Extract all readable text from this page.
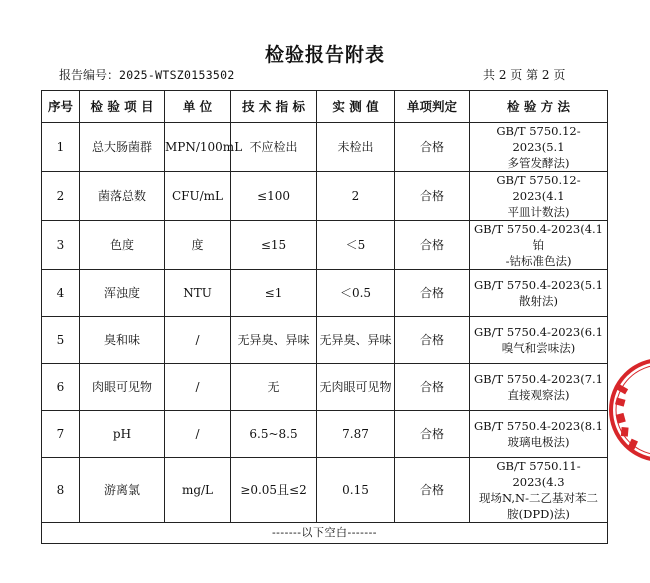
检验报告附表
报告编号：2025-WTSZ0153502	共 2 页 第 2 页
序号	检 验 项 目	单 位	技 术 指 标	实 测 值	单项判定	检 验 方 法
1	总大肠菌群	MPN/100mL	不应检出	未检出	合格	GB/T 5750.12-2023(5.1
多管发酵法)

2	菌落总数	CFU/mL	≤100	2	合格	GB/T 5750.12-2023(4.1
平皿计数法)

3	色度	度	≤15	＜5	合格	GB/T 5750.4-2023(4.1铂
-钴标准色法)

4	浑浊度	NTU	≤1	＜0.5	合格	GB/T 5750.4-2023(5.1
散射法)

5	臭和味	/	无异臭、异味	无异臭、异味	合格	GB/T 5750.4-2023(6.1
嗅气和尝味法)

6	肉眼可见物	/	无	无肉眼可见物	合格	GB/T 5750.4-2023(7.1
直接观察法)

7	pH	/	6.5~8.5	7.87	合格	GB/T 5750.4-2023(8.1
玻璃电极法)

8	游离氯	mg/L	≥0.05且≤2	0.15	合格	GB/T 5750.11-2023(4.3
现场N,N-二乙基对苯二
胺(DPD)法)

-------以下空白-------						
